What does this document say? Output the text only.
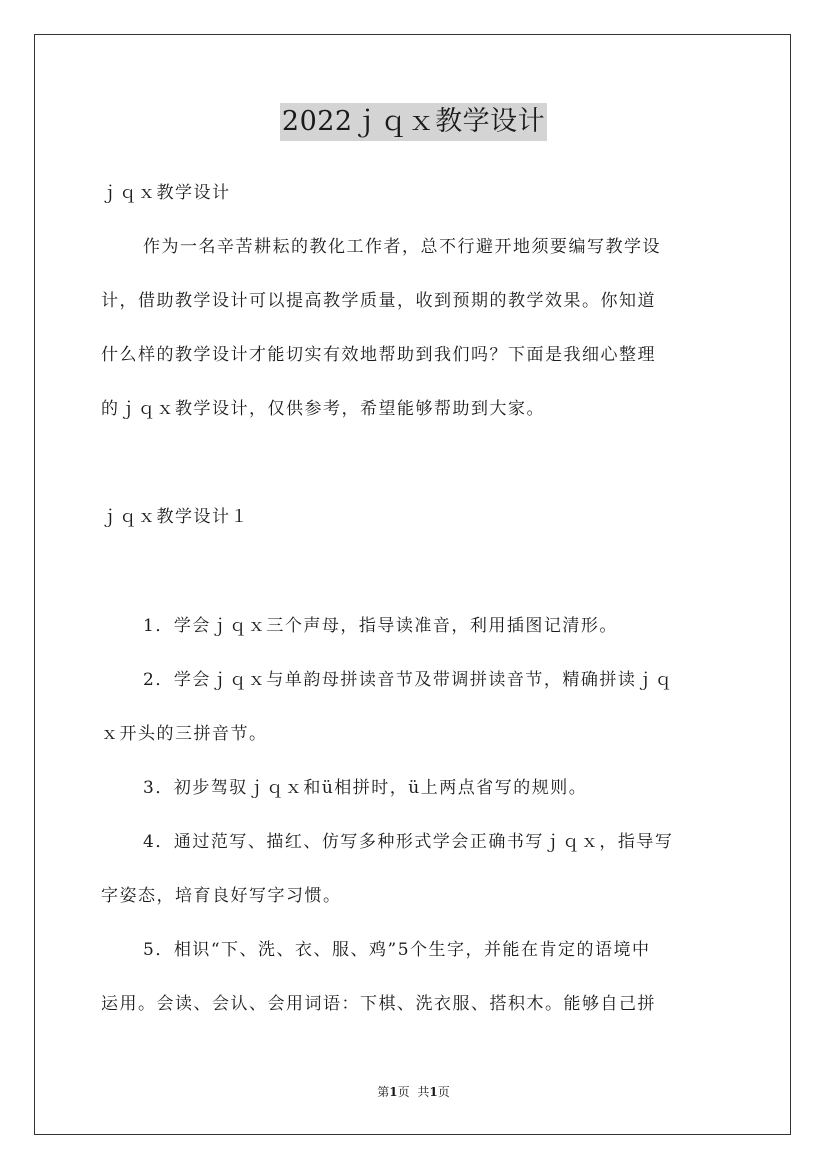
2022ｊｑｘ教学设计

ｊｑｘ教学设计

作为一名辛苦耕耘的教化工作者，总不行避开地须要编写教学设

计，借助教学设计可以提高教学质量，收到预期的教学效果。你知道

什么样的教学设计才能切实有效地帮助到我们吗？下面是我细心整理

的ｊｑｘ教学设计，仅供参考，希望能够帮助到大家。

ｊｑｘ教学设计１

1．学会ｊｑｘ三个声母，指导读准音，利用插图记清形。

2．学会ｊｑｘ与单韵母拼读音节及带调拼读音节，精确拼读ｊｑ

ｘ开头的三拼音节。

3．初步驾驭ｊｑｘ和ü相拼时，ü上两点省写的规则。

4．通过范写、描红、仿写多种形式学会正确书写ｊｑｘ，指导写

字姿态，培育良好写字习惯。

5．相识“下、洗、衣、服、鸡”5个生字，并能在肯定的语境中

运用。会读、会认、会用词语：下棋、洗衣服、搭积木。能够自己拼

第1页 共1页
